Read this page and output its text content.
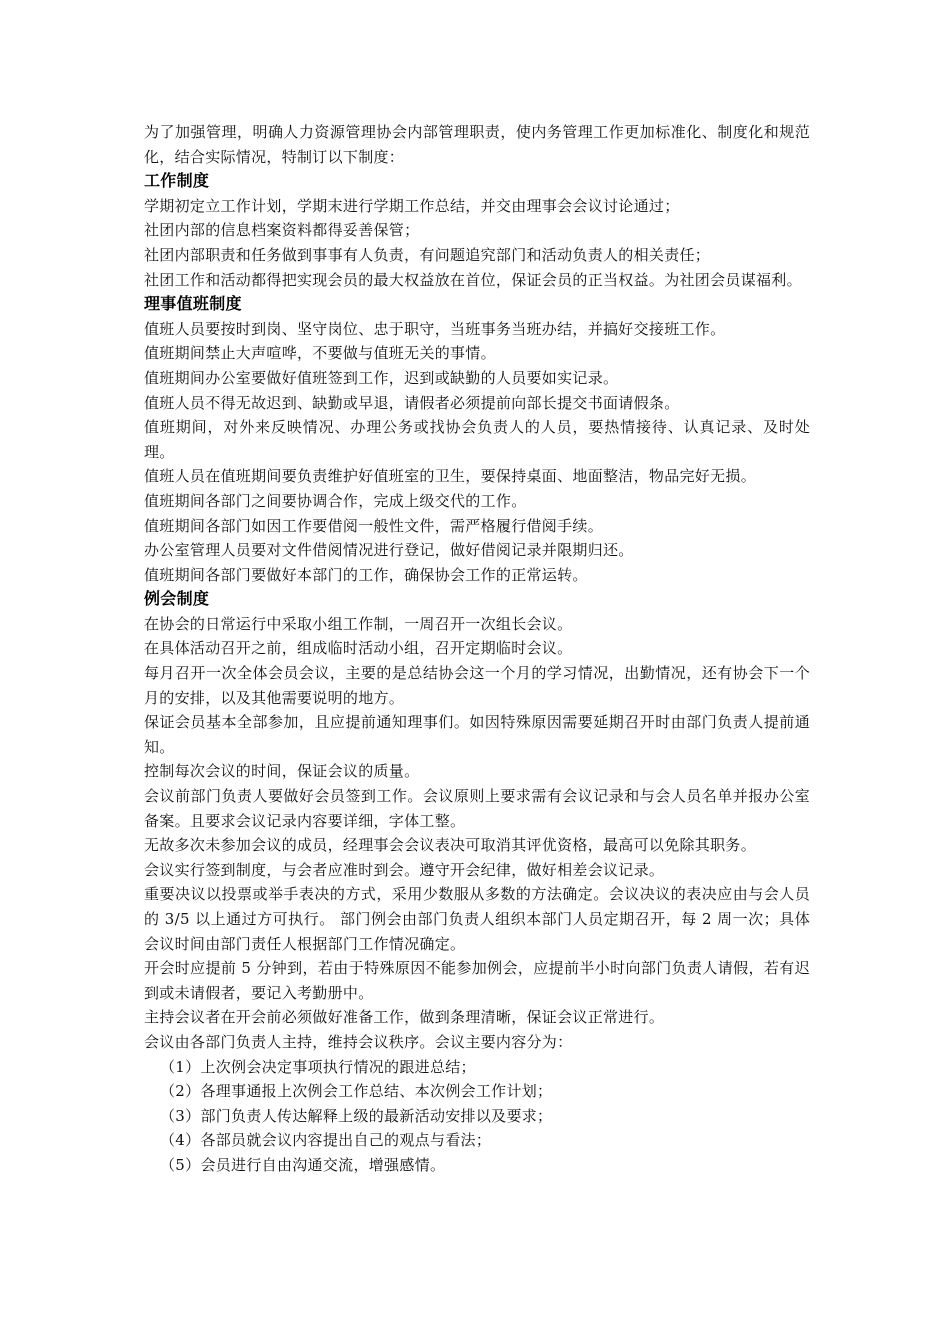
为了加强管理，明确人力资源管理协会内部管理职责，使内务管理工作更加标准化、制度化和规范化，结合实际情况，特制订以下制度：

工作制度

学期初定立工作计划，学期末进行学期工作总结，并交由理事会会议讨论通过；

社团内部的信息档案资料都得妥善保管；

社团内部职责和任务做到事事有人负责，有问题追究部门和活动负责人的相关责任；

社团工作和活动都得把实现会员的最大权益放在首位，保证会员的正当权益。为社团会员谋福利。

理事值班制度

值班人员要按时到岗、坚守岗位、忠于职守，当班事务当班办结，并搞好交接班工作。

值班期间禁止大声喧哗，不要做与值班无关的事情。

值班期间办公室要做好值班签到工作，迟到或缺勤的人员要如实记录。

值班人员不得无故迟到、缺勤或早退，请假者必须提前向部长提交书面请假条。

值班期间，对外来反映情况、办理公务或找协会负责人的人员，要热情接待、认真记录、及时处理。

值班人员在值班期间要负责维护好值班室的卫生，要保持桌面、地面整洁，物品完好无损。

值班期间各部门之间要协调合作，完成上级交代的工作。

值班期间各部门如因工作要借阅一般性文件，需严格履行借阅手续。

办公室管理人员要对文件借阅情况进行登记，做好借阅记录并限期归还。

值班期间各部门要做好本部门的工作，确保协会工作的正常运转。

例会制度

在协会的日常运行中采取小组工作制，一周召开一次组长会议。

在具体活动召开之前，组成临时活动小组，召开定期临时会议。

每月召开一次全体会员会议，主要的是总结协会这一个月的学习情况，出勤情况，还有协会下一个月的安排，以及其他需要说明的地方。

保证会员基本全部参加，且应提前通知理事们。如因特殊原因需要延期召开时由部门负责人提前通知。

控制每次会议的时间，保证会议的质量。

会议前部门负责人要做好会员签到工作。会议原则上要求需有会议记录和与会人员名单并报办公室备案。且要求会议记录内容要详细，字体工整。

无故多次未参加会议的成员，经理事会会议表决可取消其评优资格，最高可以免除其职务。

会议实行签到制度，与会者应准时到会。遵守开会纪律，做好相差会议记录。

重要决议以投票或举手表决的方式，采用少数服从多数的方法确定。会议决议的表决应由与会人员的 3/5 以上通过方可执行。 部门例会由部门负责人组织本部门人员定期召开，每 2 周一次；具体会议时间由部门责任人根据部门工作情况确定。

开会时应提前 5 分钟到，若由于特殊原因不能参加例会，应提前半小时向部门负责人请假，若有迟到或未请假者，要记入考勤册中。

主持会议者在开会前必须做好准备工作，做到条理清晰，保证会议正常进行。

会议由各部门负责人主持，维持会议秩序。会议主要内容分为：

（1）上次例会决定事项执行情况的跟进总结；

（2）各理事通报上次例会工作总结、本次例会工作计划；

（3）部门负责人传达解释上级的最新活动安排以及要求；

（4）各部员就会议内容提出自己的观点与看法；

（5）会员进行自由沟通交流，增强感情。
